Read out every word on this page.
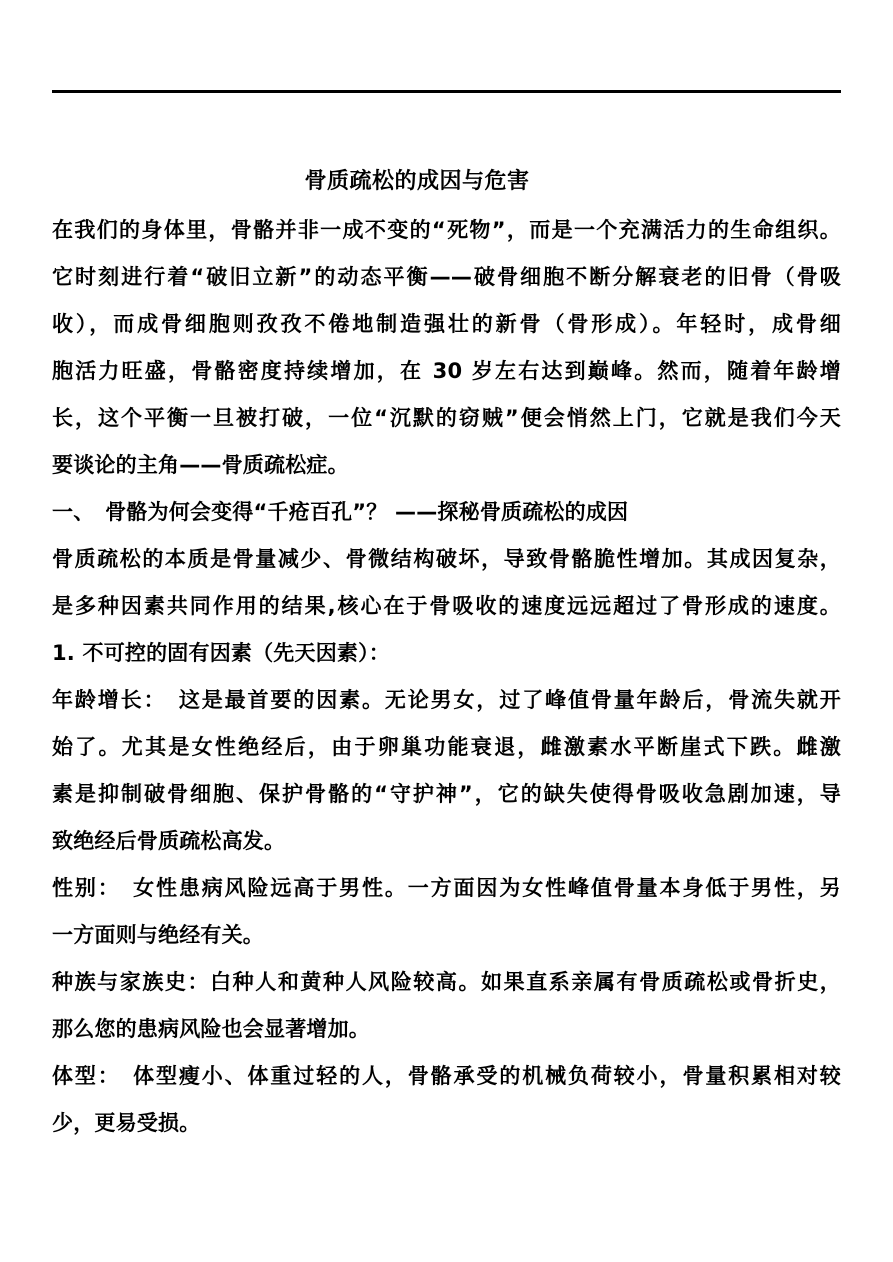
骨质疏松的成因与危害

在我们的身体里，骨骼并非一成不变的“死物”，而是一个充满活力的生命组织。

它时刻进行着“破旧立新”的动态平衡——破骨细胞不断分解衰老的旧骨（骨吸

收），而成骨细胞则孜孜不倦地制造强壮的新骨（骨形成）。年轻时，成骨细

胞活力旺盛，骨骼密度持续增加，在 30 岁左右达到巅峰。然而，随着年龄增

长，这个平衡一旦被打破，一位“沉默的窃贼”便会悄然上门，它就是我们今天

要谈论的主角——骨质疏松症。

一、　骨骼为何会变得“千疮百孔”？ ——探秘骨质疏松的成因

骨质疏松的本质是骨量减少、骨微结构破坏，导致骨骼脆性增加。其成因复杂，

是多种因素共同作用的结果,核心在于骨吸收的速度远远超过了骨形成的速度。

1. 不可控的固有因素（先天因素）：

年龄增长：　这是最首要的因素。无论男女，过了峰值骨量年龄后，骨流失就开

始了。尤其是女性绝经后，由于卵巢功能衰退，雌激素水平断崖式下跌。雌激

素是抑制破骨细胞、保护骨骼的“守护神”，它的缺失使得骨吸收急剧加速，导

致绝经后骨质疏松高发。

性别：　女性患病风险远高于男性。一方面因为女性峰值骨量本身低于男性，另

一方面则与绝经有关。

种族与家族史：白种人和黄种人风险较高。如果直系亲属有骨质疏松或骨折史，

那么您的患病风险也会显著增加。

体型：　体型瘦小、体重过轻的人，骨骼承受的机械负荷较小，骨量积累相对较

少，更易受损。
